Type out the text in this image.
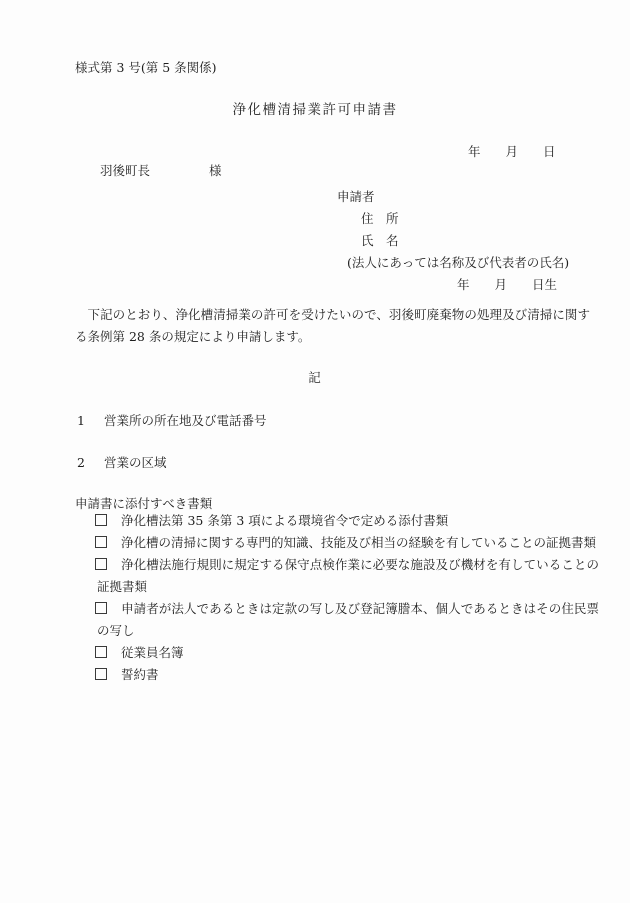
様式第 3 号(第 5 条関係)
浄化槽清掃業許可申請書
年　　月　　日
羽後町長	様
申請者
住　所
氏　名
(法人にあっては名称及び代表者の氏名)
年　　月　　日生
下記のとおり、浄化槽清掃業の許可を受けたいので、羽後町廃棄物の処理及び清掃に関する条例第 28 条の規定により申請します。
記
1 営業所の所在地及び電話番号
2 営業の区域
申請書に添付すべき書類
浄化槽法第 35 条第 3 項による環境省令で定める添付書類
浄化槽の清掃に関する専門的知識、技能及び相当の経験を有していることの証拠書類
浄化槽法施行規則に規定する保守点検作業に必要な施設及び機材を有していることの証拠書類
申請者が法人であるときは定款の写し及び登記簿謄本、個人であるときはその住民票の写し
従業員名簿
誓約書
